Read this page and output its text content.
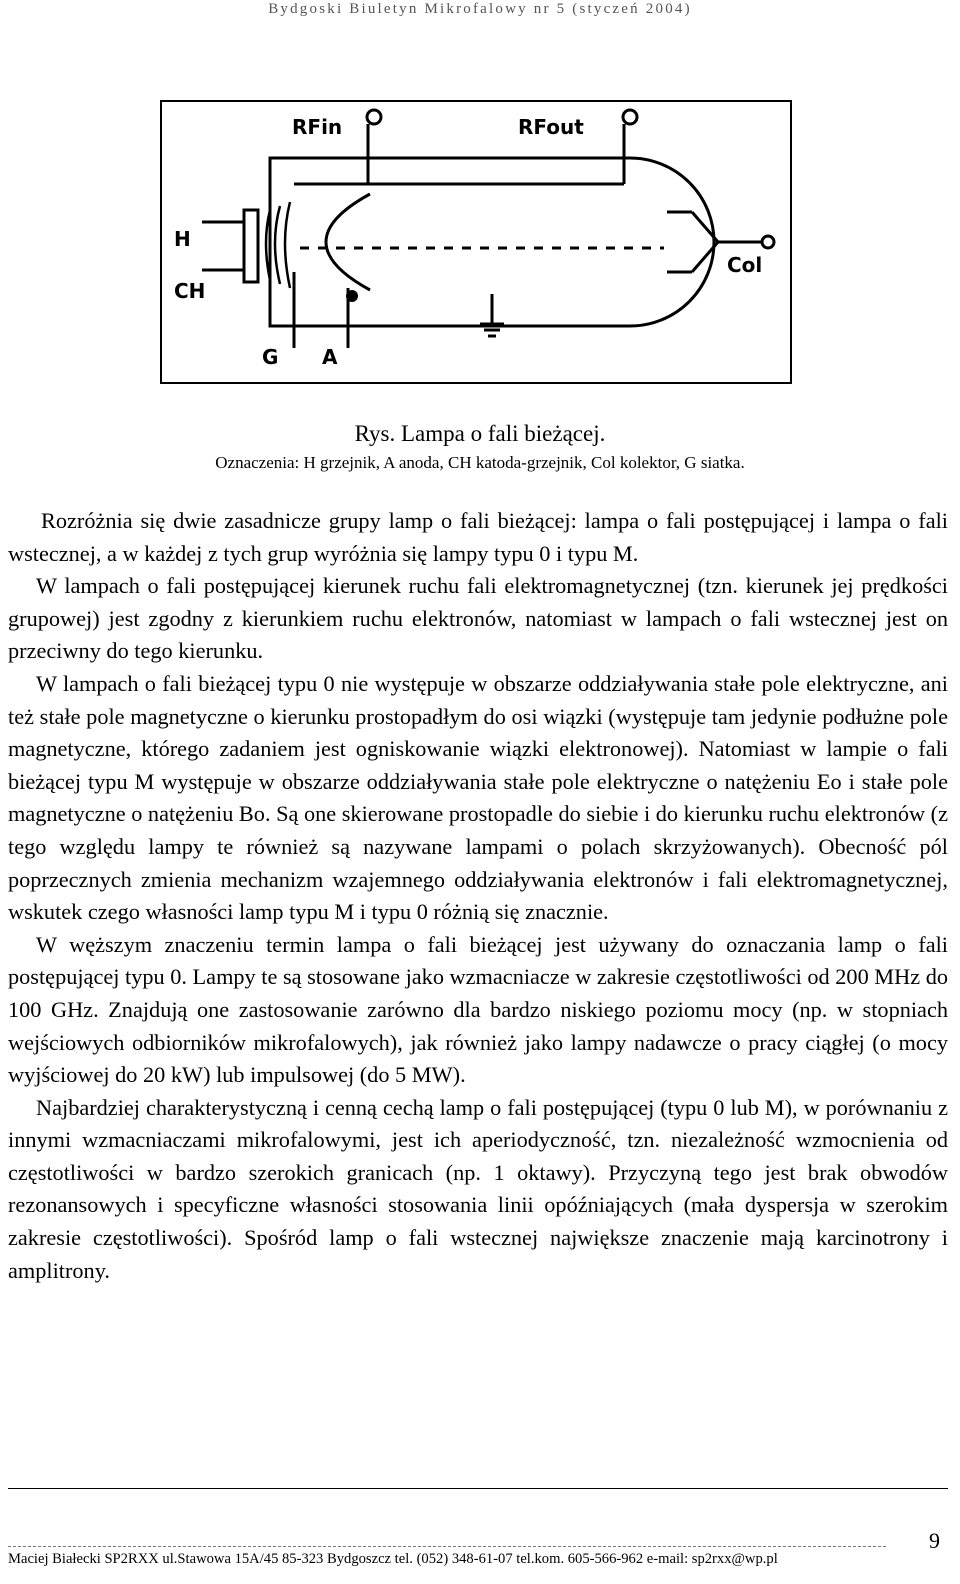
Bydgoski Biuletyn Mikrofalowy nr 5 (styczeń 2004)
RFin	RFout
H
CH
Col
G A
Rys. Lampa o fali bieżącej.
Oznaczenia: H grzejnik, A anoda, CH katoda-grzejnik, Col kolektor, G siatka.

Rozróżnia się dwie zasadnicze grupy lamp o fali bieżącej: lampa o fali postępującej i lampa o fali wstecznej, a w każdej z tych grup wyróżnia się lampy typu 0 i typu M.

W lampach o fali postępującej kierunek ruchu fali elektromagnetycznej (tzn. kierunek jej prędkości grupowej) jest zgodny z kierunkiem ruchu elektronów, natomiast w lampach o fali wstecznej jest on przeciwny do tego kierunku.

W lampach o fali bieżącej typu 0 nie występuje w obszarze oddziaływania stałe pole elektryczne, ani też stałe pole magnetyczne o kierunku prostopadłym do osi wiązki (występuje tam jedynie podłużne pole magnetyczne, którego zadaniem jest ogniskowanie wiązki elektronowej). Natomiast w lampie o fali bieżącej typu M występuje w obszarze oddziaływania stałe pole elektryczne o natężeniu Eo i stałe pole magnetyczne o natężeniu Bo. Są one skierowane prostopadle do siebie i do kierunku ruchu elektronów (z tego względu lampy te również są nazywane lampami o polach skrzyżowanych). Obecność pól poprzecznych zmienia mechanizm wzajemnego oddziaływania elektronów i fali elektromagnetycznej, wskutek czego własności lamp typu M i typu 0 różnią się znacznie.

W węższym znaczeniu termin lampa o fali bieżącej jest używany do oznaczania lamp o fali postępującej typu 0. Lampy te są stosowane jako wzmacniacze w zakresie częstotliwości od 200 MHz do 100 GHz. Znajdują one zastosowanie zarówno dla bardzo niskiego poziomu mocy (np. w stopniach wejściowych odbiorników mikrofalowych), jak również jako lampy nadawcze o pracy ciągłej (o mocy wyjściowej do 20 kW) lub impulsowej (do 5 MW).

Najbardziej charakterystyczną i cenną cechą lamp o fali postępującej (typu 0 lub M), w porównaniu z innymi wzmacniaczami mikrofalowymi, jest ich aperiodyczność, tzn. niezależność wzmocnienia od częstotliwości w bardzo szerokich granicach (np. 1 oktawy). Przyczyną tego jest brak obwodów rezonansowych i specyficzne własności stosowania linii opóźniających (mała dyspersja w szerokim zakresie częstotliwości). Spośród lamp o fali wstecznej największe znaczenie mają karcinotrony i amplitrony.

Maciej Białecki SP2RXX ul.Stawowa 15A/45 85-323 Bydgoszcz tel. (052) 348-61-07 tel.kom. 605-566-962 e-mail: sp2rxx@wp.pl
9
